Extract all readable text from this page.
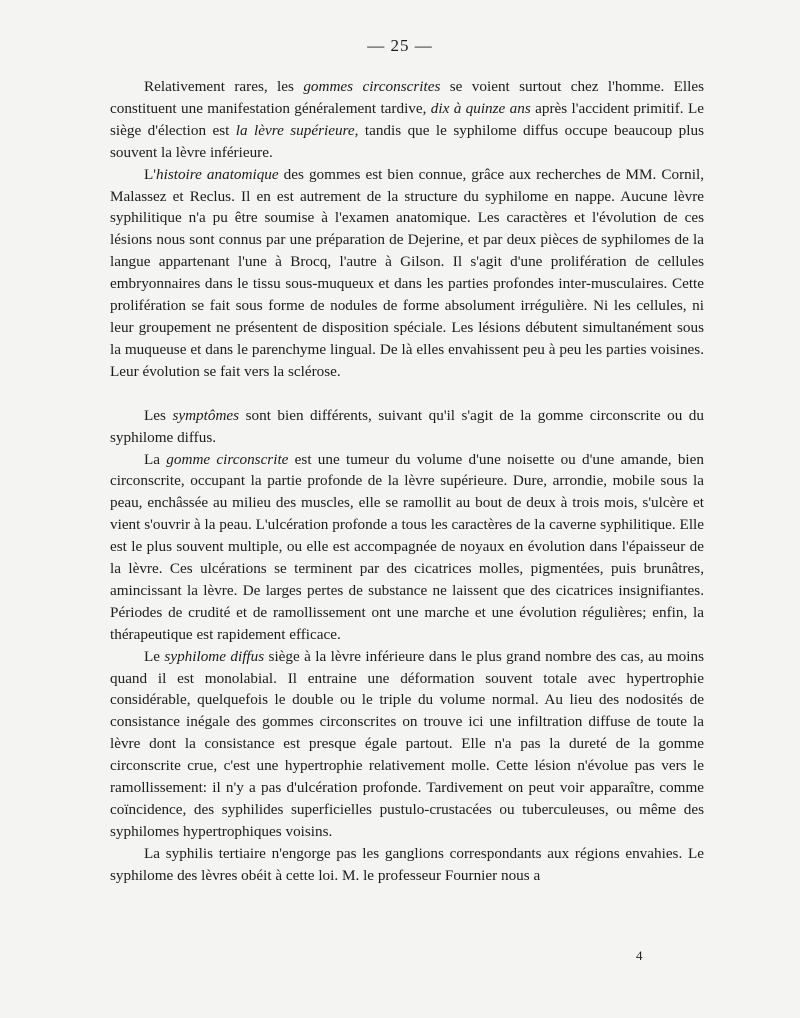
— 25 —

Relativement rares, les gommes circonscrites se voient surtout chez l'homme. Elles constituent une manifestation généralement tardive, dix à quinze ans après l'accident primitif. Le siège d'élection est la lèvre supérieure, tandis que le syphilome diffus occupe beaucoup plus souvent la lèvre inférieure.

L'histoire anatomique des gommes est bien connue, grâce aux recherches de MM. Cornil, Malassez et Reclus. Il en est autrement de la structure du syphilome en nappe. Aucune lèvre syphilitique n'a pu être soumise à l'examen anatomique. Les caractères et l'évolution de ces lésions nous sont connus par une préparation de Dejerine, et par deux pièces de syphilomes de la langue appartenant l'une à Brocq, l'autre à Gilson. Il s'agit d'une prolifération de cellules embryonnaires dans le tissu sous-muqueux et dans les parties profondes inter-musculaires. Cette prolifération se fait sous forme de nodules de forme absolument irrégulière. Ni les cellules, ni leur groupement ne présentent de disposition spéciale. Les lésions débutent simultanément sous la muqueuse et dans le parenchyme lingual. De là elles envahissent peu à peu les parties voisines. Leur évolution se fait vers la sclérose.

Les symptômes sont bien différents, suivant qu'il s'agit de la gomme circonscrite ou du syphilome diffus.

La gomme circonscrite est une tumeur du volume d'une noisette ou d'une amande, bien circonscrite, occupant la partie profonde de la lèvre supérieure. Dure, arrondie, mobile sous la peau, enchâssée au milieu des muscles, elle se ramollit au bout de deux à trois mois, s'ulcère et vient s'ouvrir à la peau. L'ulcération profonde a tous les caractères de la caverne syphilitique. Elle est le plus souvent multiple, ou elle est accompagnée de noyaux en évolution dans l'épaisseur de la lèvre. Ces ulcérations se terminent par des cicatrices molles, pigmentées, puis brunâtres, amincissant la lèvre. De larges pertes de substance ne laissent que des cicatrices insignifiantes. Périodes de crudité et de ramollissement ont une marche et une évolution régulières; enfin, la thérapeutique est rapidement efficace.

Le syphilome diffus siège à la lèvre inférieure dans le plus grand nombre des cas, au moins quand il est monolabial. Il entraine une déformation souvent totale avec hypertrophie considérable, quelquefois le double ou le triple du volume normal. Au lieu des nodosités de consistance inégale des gommes circonscrites on trouve ici une infiltration diffuse de toute la lèvre dont la consistance est presque égale partout. Elle n'a pas la dureté de la gomme circonscrite crue, c'est une hypertrophie relativement molle. Cette lésion n'évolue pas vers le ramollissement: il n'y a pas d'ulcération profonde. Tardivement on peut voir apparaître, comme coïncidence, des syphilides superficielles pustulo-crustacées ou tuberculeuses, ou même des syphilomes hypertrophiques voisins.

La syphilis tertiaire n'engorge pas les ganglions correspondants aux régions envahies. Le syphilome des lèvres obéit à cette loi. M. le professeur Fournier nous a

4
